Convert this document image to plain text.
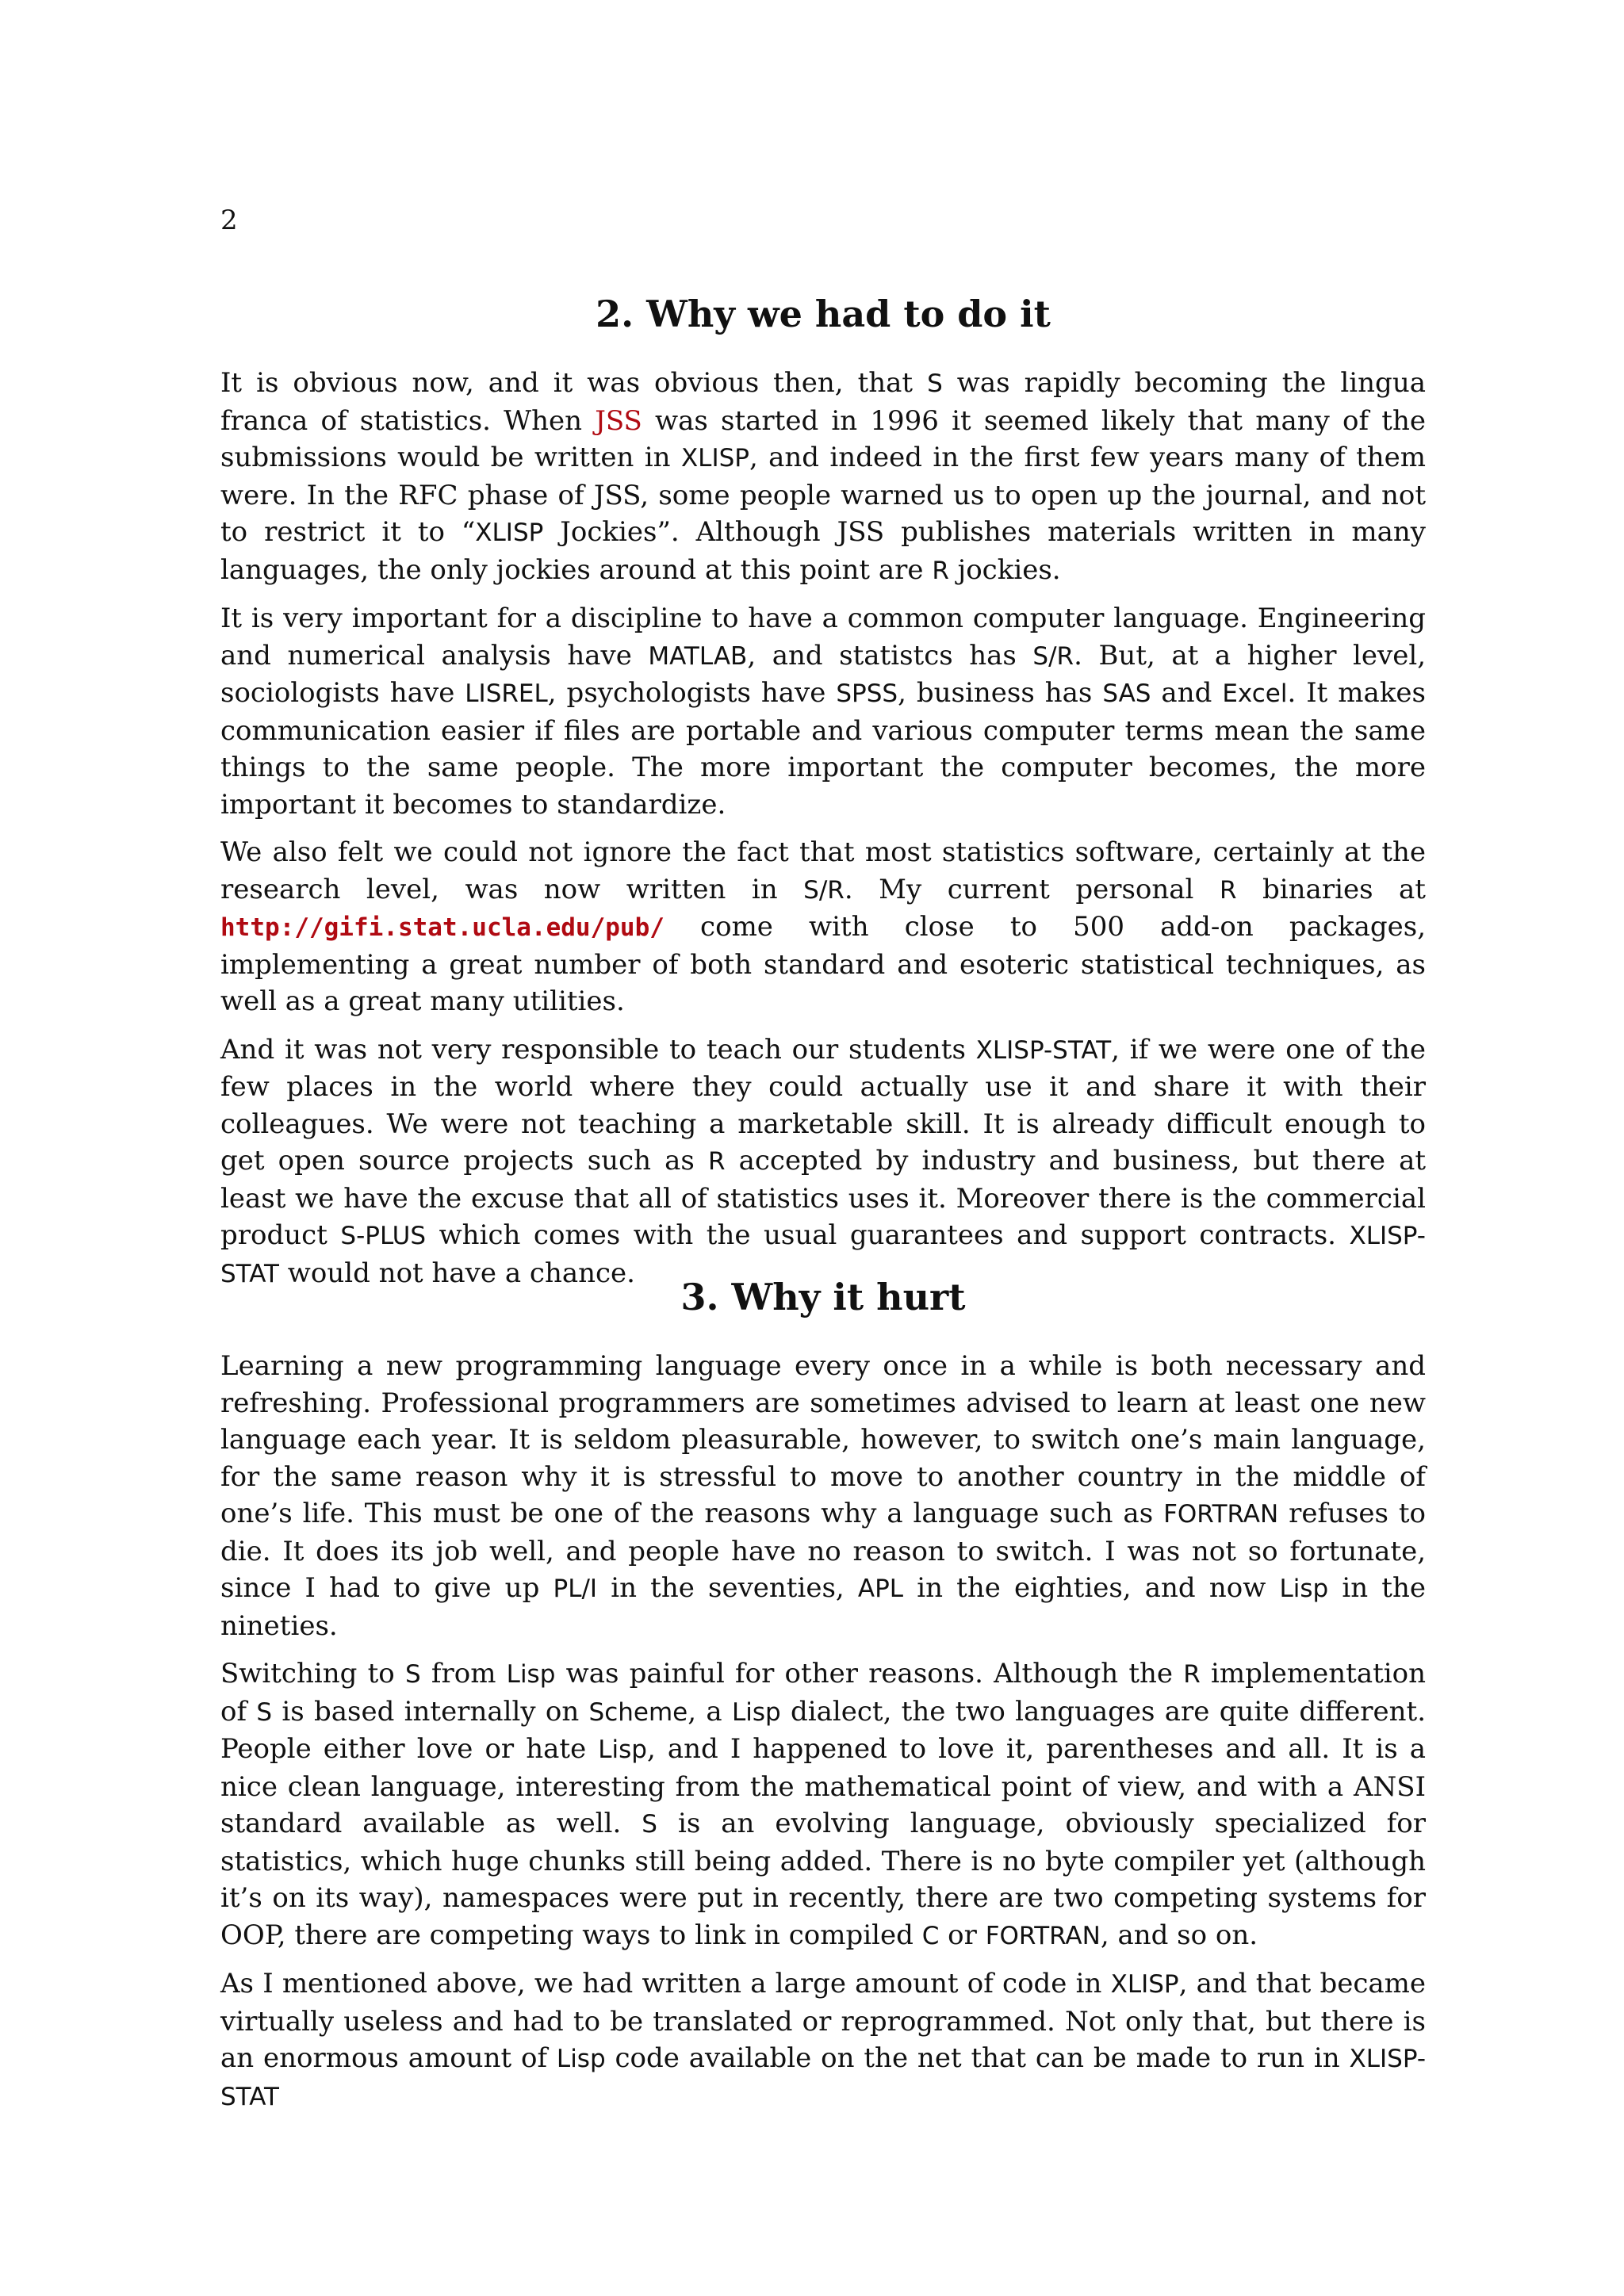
2
2. Why we had to do it

It is obvious now, and it was obvious then, that S was rapidly becoming the lingua franca of statistics. When JSS was started in 1996 it seemed likely that many of the submissions would be written in XLISP, and indeed in the first few years many of them were. In the RFC phase of JSS, some people warned us to open up the journal, and not to restrict it to “XLISP Jockies”. Although JSS publishes materials written in many languages, the only jockies around at this point are R jockies.

It is very important for a discipline to have a common computer language. Engineering and numerical analysis have MATLAB, and statistcs has S/R. But, at a higher level, sociologists have LISREL, psychologists have SPSS, business has SAS and Excel. It makes communication easier if files are portable and various computer terms mean the same things to the same people. The more important the computer becomes, the more important it becomes to standardize.

We also felt we could not ignore the fact that most statistics software, certainly at the research level, was now written in S/R. My current personal R binaries at http://gifi.stat.ucla.edu/pub/ come with close to 500 add-on packages, implementing a great number of both standard and esoteric statistical techniques, as well as a great many utilities.

And it was not very responsible to teach our students XLISP-STAT, if we were one of the few places in the world where they could actually use it and share it with their colleagues. We were not teaching a marketable skill. It is already difficult enough to get open source projects such as R accepted by industry and business, but there at least we have the excuse that all of statistics uses it. Moreover there is the commercial product S-PLUS which comes with the usual guarantees and support contracts. XLISP-STAT would not have a chance.

3. Why it hurt

Learning a new programming language every once in a while is both necessary and refreshing. Professional programmers are sometimes advised to learn at least one new language each year. It is seldom pleasurable, however, to switch one’s main language, for the same reason why it is stressful to move to another country in the middle of one’s life. This must be one of the reasons why a language such as FORTRAN refuses to die. It does its job well, and people have no reason to switch. I was not so fortunate, since I had to give up PL/I in the seventies, APL in the eighties, and now Lisp in the nineties.

Switching to S from Lisp was painful for other reasons. Although the R implementation of S is based internally on Scheme, a Lisp dialect, the two languages are quite different. People either love or hate Lisp, and I happened to love it, parentheses and all. It is a nice clean language, interesting from the mathematical point of view, and with a ANSI standard available as well. S is an evolving language, obviously specialized for statistics, which huge chunks still being added. There is no byte compiler yet (although it’s on its way), namespaces were put in recently, there are two competing systems for OOP, there are competing ways to link in compiled C or FORTRAN, and so on.

As I mentioned above, we had written a large amount of code in XLISP, and that became virtually useless and had to be translated or reprogrammed. Not only that, but there is an enormous amount of Lisp code available on the net that can be made to run in XLISP-STAT
